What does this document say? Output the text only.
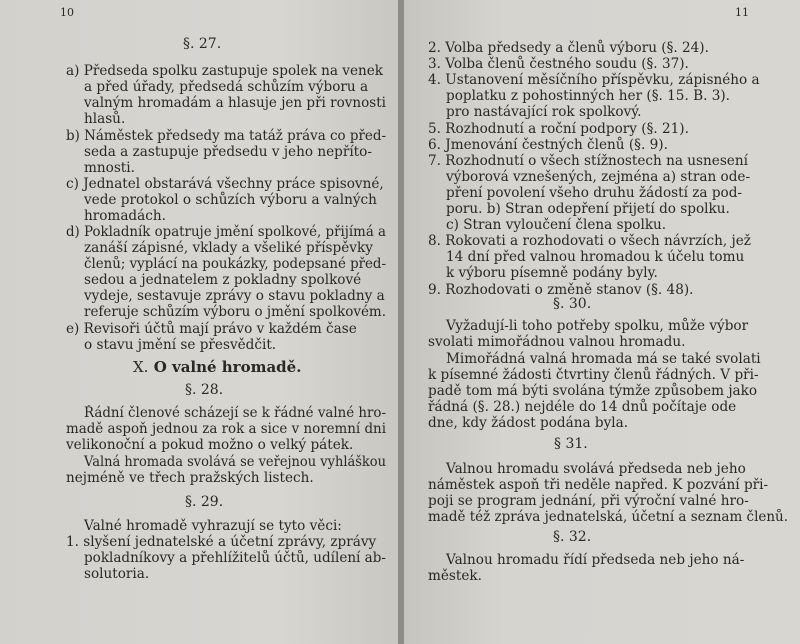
10
§. 27.
a) Předseda spolku zastupuje spolek na venek
a před úřady, předsedá schůzím výboru a
valným hromadám a hlasuje jen při rovnosti
hlasů.
b) Náměstek předsedy ma tatáž práva co před-
seda a zastupuje předsedu v jeho nepříto-
mnosti.
c) Jednatel obstarává všechny práce spisovné,
vede protokol o schůzích výboru a valných
hromadách.
d) Pokladník opatruje jmění spolkové, přijímá a
zanáší zápisné, vklady a všeliké příspěvky
členů; vyplácí na poukázky, podepsané před-
sedou a jednatelem z pokladny spolkové
vydeje, sestavuje zprávy o stavu pokladny a
referuje schůzím výboru o jmění spolkovém.
e) Revisoři účtů mají právo v každém čase
o stavu jmění se přesvědčit.
X. O valné hromadě.
§. 28.
Řádní členové scházejí se k řádné valné hro-
madě aspoň jednou za rok a sice v noremní dni
velikonoční a pokud možno o velký pátek.
Valná hromada svolává se veřejnou vyhláškou
nejméně ve třech pražských listech.
§. 29.
Valné hromadě vyhrazují se tyto věci:
1. slyšení jednatelské a účetní zprávy, zprávy
pokladníkovy a přehlížitelů účtů, udílení ab-
solutoria.
11
2. Volba předsedy a členů výboru (§. 24).
3. Volba členů čestného soudu (§. 37).
4. Ustanovení měsíčního příspěvku, zápisného a
poplatku z pohostinných her (§. 15. B. 3).
pro nastávající rok spolkový.
5. Rozhodnutí a roční podpory (§. 21).
6. Jmenování čestných členů (§. 9).
7. Rozhodnutí o všech stížnostech na usnesení
výborová vznešených, zejména a) stran ode-
pření povolení všeho druhu žádostí za pod-
poru. b) Stran odepření přijetí do spolku.
c) Stran vyloučení člena spolku.
8. Rokovati a rozhodovati o všech návrzích, jež
14 dní před valnou hromadou k účelu tomu
k výboru písemně podány byly.
9. Rozhodovati o změně stanov (§. 48).
§. 30.
Vyžadují-li toho potřeby spolku, může výbor
svolati mimořádnou valnou hromadu.
Mimořádná valná hromada má se také svolati
k písemné žádosti čtvrtiny členů řádných. V při-
padě tom má býti svolána týmže způsobem jako
řádná (§. 28.) nejdéle do 14 dnů počítaje ode
dne, kdy žádost podána byla.
§ 31.
Valnou hromadu svolává předseda neb jeho
náměstek aspoň tři neděle napřed. K pozvání při-
poji se program jednání, při výroční valné hro-
madě též zpráva jednatelská, účetní a seznam členů.
§. 32.
Valnou hromadu řídí předseda neb jeho ná-
městek.
